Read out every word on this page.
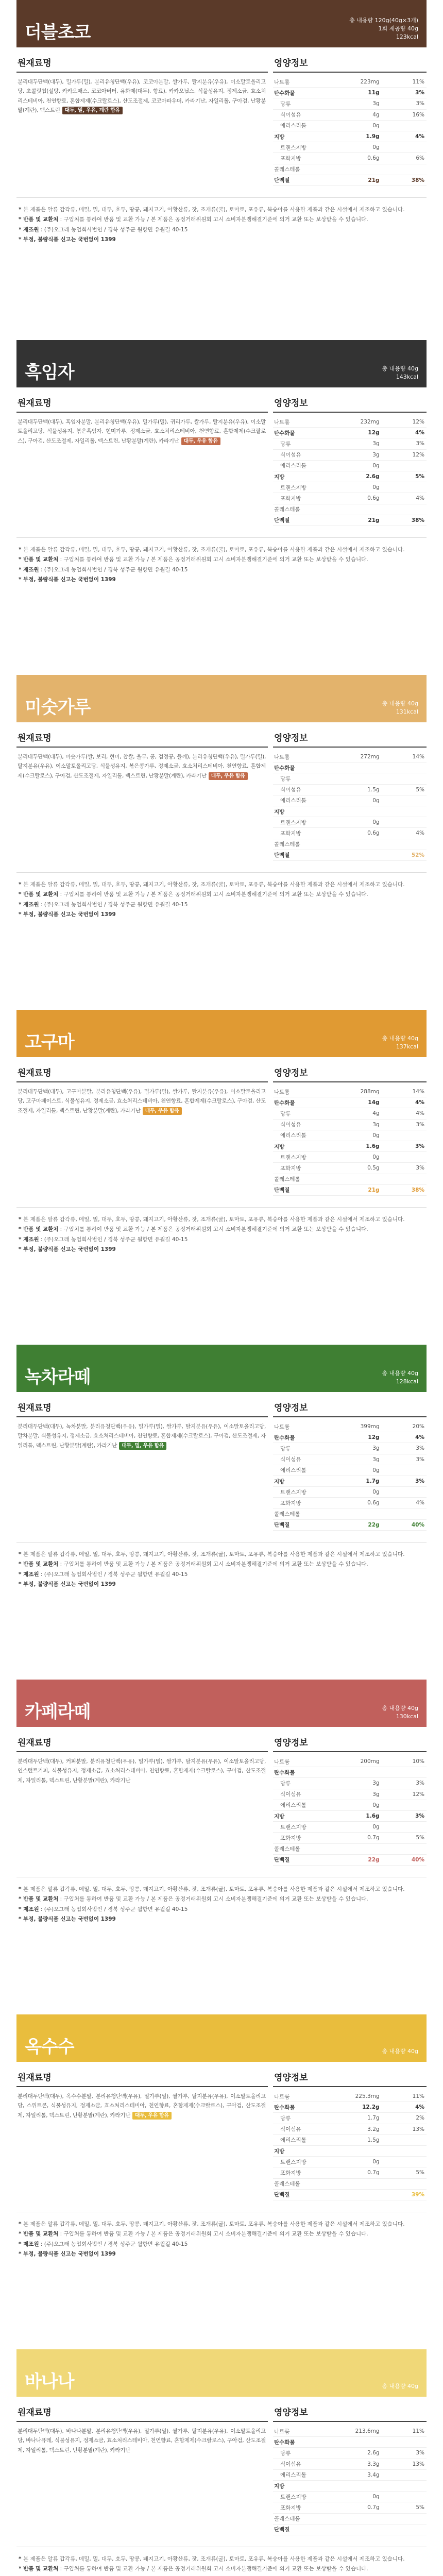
더블초코
총 내용량 120g(40g×3개)
1회 제공량 40g
123kcal
원재료명
분리대두단백(대두), 밀가루(밀), 분리유청단백(우유), 코코아분말, 쌀가루, 탈지분유(우유), 이소말토올리고당, 초콜릿칩(설탕, 카카오매스, 코코아버터, 유화제(대두), 향료), 카카오닙스, 식물성유지, 정제소금, 효소처리스테비아, 천연향료, 혼합제제(수크랄로스), 산도조절제, 코코아파우더, 카라기난, 자일리톨, 구아검, 난황분말(계란), 덱스트린 대두, 밀, 우유, 계란 함유
영양정보
나트륨	223mg	11%
탄수화물	11g	3%
당류	3g	3%
식이섬유	4g	16%
에리스리톨	0g	
지방	1.9g	4%
트랜스지방	0g	
포화지방	0.6g	6%
콜레스테롤		
단백질	21g	38%
* 본 제품은 알류 갑각류, 메밀, 밀, 대두, 호두, 땅콩, 돼지고기, 아황산류, 잣, 조개류(굴), 토마토, 포유류, 복숭아를 사용한 제품과 같은 시설에서 제조하고 있습니다.
* 반품 및 교환처 : 구입처를 통하여 반품 및 교환 가능 / 본 제품은 공정거래위원회 고시 소비자분쟁해결기준에 의거 교환 또는 보상받을 수 있습니다.
* 제조원 : (주)오그래 농업회사법인 / 경북 성주군 월항면 유월길 40-15
* 부정, 불량식품 신고는 국번없이 1399
흑임자	총 내용량 40g
143kcal
원재료명
분리대두단백(대두), 흑임자분말, 분리유청단백(우유), 밀가루(밀), 귀리가루, 쌀가루, 탈지분유(우유), 이소말토올리고당, 식물성유지, 볶은흑임자, 현미가루, 정제소금, 효소처리스테비아, 천연향료, 혼합제제(수크랄로스), 구아검, 산도조절제, 자일리톨, 덱스트린, 난황분말(계란), 카라기난 대두, 우유 함유
영양정보
나트륨	232mg	12%
탄수화물	12g	4%
당류	3g	3%
식이섬유	3g	12%
에리스리톨	0g	
지방	2.6g	5%
트랜스지방	0g	
포화지방	0.6g	4%
콜레스테롤		
단백질	21g	38%
* 본 제품은 알류 갑각류, 메밀, 밀, 대두, 호두, 땅콩, 돼지고기, 아황산류, 잣, 조개류(굴), 토마토, 포유류, 복숭아를 사용한 제품과 같은 시설에서 제조하고 있습니다.
* 반품 및 교환처 : 구입처를 통하여 반품 및 교환 가능 / 본 제품은 공정거래위원회 고시 소비자분쟁해결기준에 의거 교환 또는 보상받을 수 있습니다.
* 제조원 : (주)오그래 농업회사법인 / 경북 성주군 월항면 유월길 40-15
* 부정, 불량식품 신고는 국번없이 1399
미숫가루	총 내용량 40g
131kcal
원재료명
분리대두단백(대두), 미숫가루(쌀, 보리, 현미, 찹쌀, 율무, 콩, 검정콩, 들깨), 분리유청단백(우유), 밀가루(밀), 탈지분유(우유), 이소말토올리고당, 식물성유지, 볶은콩가루, 정제소금, 효소처리스테비아, 천연향료, 혼합제제(수크랄로스), 구아검, 산도조절제, 자일리톨, 덱스트린, 난황분말(계란), 카라기난 대두, 우유 함유
영양정보
나트륨	272mg	14%
탄수화물		
당류		
식이섬유	1.5g	5%
에리스리톨	0g	
지방		
트랜스지방	0g	
포화지방	0.6g	4%
콜레스테롤		
단백질		52%
* 본 제품은 알류 갑각류, 메밀, 밀, 대두, 호두, 땅콩, 돼지고기, 아황산류, 잣, 조개류(굴), 토마토, 포유류, 복숭아를 사용한 제품과 같은 시설에서 제조하고 있습니다.
* 반품 및 교환처 : 구입처를 통하여 반품 및 교환 가능 / 본 제품은 공정거래위원회 고시 소비자분쟁해결기준에 의거 교환 또는 보상받을 수 있습니다.
* 제조원 : (주)오그래 농업회사법인 / 경북 성주군 월항면 유월길 40-15
* 부정, 불량식품 신고는 국번없이 1399
고구마	총 내용량 40g
137kcal
원재료명
분리대두단백(대두), 고구마분말, 분리유청단백(우유), 밀가루(밀), 쌀가루, 탈지분유(우유), 이소말토올리고당, 고구마페이스트, 식물성유지, 정제소금, 효소처리스테비아, 천연향료, 혼합제제(수크랄로스), 구아검, 산도조절제, 자일리톨, 덱스트린, 난황분말(계란), 카라기난 대두, 우유 함유
영양정보
나트륨	288mg	14%
탄수화물	14g	4%
당류	4g	4%
식이섬유	3g	3%
에리스리톨	0g	
지방	1.6g	3%
트랜스지방	0g	
포화지방	0.5g	3%
콜레스테롤		
단백질	21g	38%
* 본 제품은 알류 갑각류, 메밀, 밀, 대두, 호두, 땅콩, 돼지고기, 아황산류, 잣, 조개류(굴), 토마토, 포유류, 복숭아를 사용한 제품과 같은 시설에서 제조하고 있습니다.
* 반품 및 교환처 : 구입처를 통하여 반품 및 교환 가능 / 본 제품은 공정거래위원회 고시 소비자분쟁해결기준에 의거 교환 또는 보상받을 수 있습니다.
* 제조원 : (주)오그래 농업회사법인 / 경북 성주군 월항면 유월길 40-15
* 부정, 불량식품 신고는 국번없이 1399
녹차라떼	총 내용량 40g
128kcal
원재료명
분리대두단백(대두), 녹차분말, 분리유청단백(우유), 밀가루(밀), 쌀가루, 탈지분유(우유), 이소말토올리고당, 말차분말, 식물성유지, 정제소금, 효소처리스테비아, 천연향료, 혼합제제(수크랄로스), 구아검, 산도조절제, 자일리톨, 덱스트린, 난황분말(계란), 카라기난 대두, 밀, 우유 함유
영양정보
나트륨	399mg	20%
탄수화물	12g	4%
당류	3g	3%
식이섬유	3g	3%
에리스리톨	0g	
지방	1.7g	3%
트랜스지방	0g	
포화지방	0.6g	4%
콜레스테롤		
단백질	22g	40%
* 본 제품은 알류 갑각류, 메밀, 밀, 대두, 호두, 땅콩, 돼지고기, 아황산류, 잣, 조개류(굴), 토마토, 포유류, 복숭아를 사용한 제품과 같은 시설에서 제조하고 있습니다.
* 반품 및 교환처 : 구입처를 통하여 반품 및 교환 가능 / 본 제품은 공정거래위원회 고시 소비자분쟁해결기준에 의거 교환 또는 보상받을 수 있습니다.
* 제조원 : (주)오그래 농업회사법인 / 경북 성주군 월항면 유월길 40-15
* 부정, 불량식품 신고는 국번없이 1399
카페라떼	총 내용량 40g
130kcal
원재료명
분리대두단백(대두), 커피분말, 분리유청단백(우유), 밀가루(밀), 쌀가루, 탈지분유(우유), 이소말토올리고당, 인스턴트커피, 식물성유지, 정제소금, 효소처리스테비아, 천연향료, 혼합제제(수크랄로스), 구아검, 산도조절제, 자일리톨, 덱스트린, 난황분말(계란), 카라기난
영양정보
나트륨	200mg	10%
탄수화물		
당류	3g	3%
식이섬유	3g	12%
에리스리톨	0g	
지방	1.6g	3%
트랜스지방	0g	
포화지방	0.7g	5%
콜레스테롤		
단백질	22g	40%
* 본 제품은 알류 갑각류, 메밀, 밀, 대두, 호두, 땅콩, 돼지고기, 아황산류, 잣, 조개류(굴), 토마토, 포유류, 복숭아를 사용한 제품과 같은 시설에서 제조하고 있습니다.
* 반품 및 교환처 : 구입처를 통하여 반품 및 교환 가능 / 본 제품은 공정거래위원회 고시 소비자분쟁해결기준에 의거 교환 또는 보상받을 수 있습니다.
* 제조원 : (주)오그래 농업회사법인 / 경북 성주군 월항면 유월길 40-15
* 부정, 불량식품 신고는 국번없이 1399
옥수수	총 내용량 40g
원재료명
분리대두단백(대두), 옥수수분말, 분리유청단백(우유), 밀가루(밀), 쌀가루, 탈지분유(우유), 이소말토올리고당, 스위트콘, 식물성유지, 정제소금, 효소처리스테비아, 천연향료, 혼합제제(수크랄로스), 구아검, 산도조절제, 자일리톨, 덱스트린, 난황분말(계란), 카라기난 대두, 우유 함유
영양정보
나트륨	225.3mg	11%
탄수화물	12.2g	4%
당류	1.7g	2%
식이섬유	3.2g	13%
에리스리톨	1.5g	
지방		
트랜스지방	0g	
포화지방	0.7g	5%
콜레스테롤		
단백질		39%
* 본 제품은 알류 갑각류, 메밀, 밀, 대두, 호두, 땅콩, 돼지고기, 아황산류, 잣, 조개류(굴), 토마토, 포유류, 복숭아를 사용한 제품과 같은 시설에서 제조하고 있습니다.
* 반품 및 교환처 : 구입처를 통하여 반품 및 교환 가능 / 본 제품은 공정거래위원회 고시 소비자분쟁해결기준에 의거 교환 또는 보상받을 수 있습니다.
* 제조원 : (주)오그래 농업회사법인 / 경북 성주군 월항면 유월길 40-15
* 부정, 불량식품 신고는 국번없이 1399
바나나	총 내용량 40g
원재료명
분리대두단백(대두), 바나나분말, 분리유청단백(우유), 밀가루(밀), 쌀가루, 탈지분유(우유), 이소말토올리고당, 바나나퓨레, 식물성유지, 정제소금, 효소처리스테비아, 천연향료, 혼합제제(수크랄로스), 구아검, 산도조절제, 자일리톨, 덱스트린, 난황분말(계란), 카라기난
영양정보
나트륨	213.6mg	11%
탄수화물		
당류	2.6g	3%
식이섬유	3.3g	13%
에리스리톨	3.4g	
지방		
트랜스지방	0g	
포화지방	0.7g	5%
콜레스테롤		
단백질		
* 본 제품은 알류 갑각류, 메밀, 밀, 대두, 호두, 땅콩, 돼지고기, 아황산류, 잣, 조개류(굴), 토마토, 포유류, 복숭아를 사용한 제품과 같은 시설에서 제조하고 있습니다.
* 반품 및 교환처 : 구입처를 통하여 반품 및 교환 가능 / 본 제품은 공정거래위원회 고시 소비자분쟁해결기준에 의거 교환 또는 보상받을 수 있습니다.
